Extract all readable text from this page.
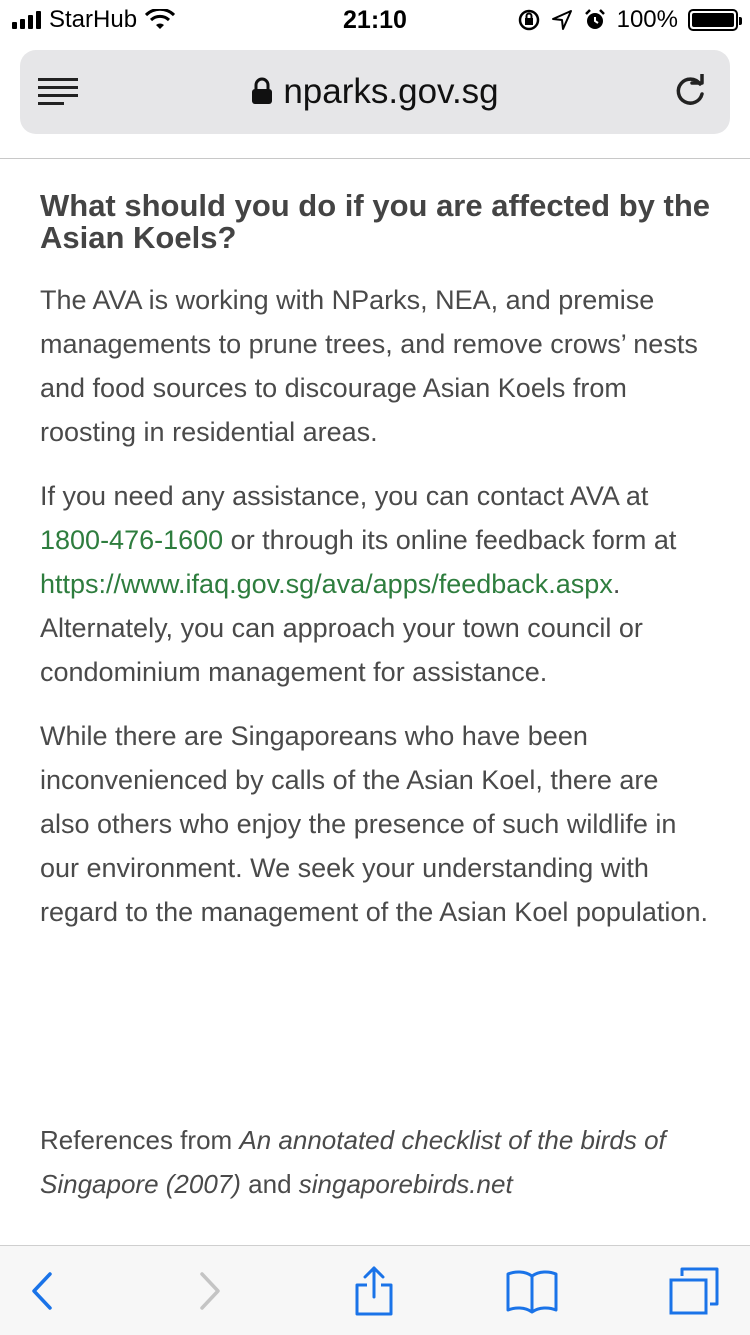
StarHub	21:10	100%
nparks.gov.sg
What should you do if you are affected by the Asian Koels?

The AVA is working with NParks, NEA, and premise managements to prune trees, and remove crows’ nests and food sources to discourage Asian Koels from roosting in residential areas.

If you need any assistance, you can contact AVA at 1800-476-1600 or through its online feedback form at https://www.ifaq.gov.sg/ava/apps/feedback.aspx. Alternately, you can approach your town council or condominium management for assistance.

While there are Singaporeans who have been inconvenienced by calls of the Asian Koel, there are also others who enjoy the presence of such wildlife in our environment. We seek your understanding with regard to the management of the Asian Koel population.

References from An annotated checklist of the birds of Singapore (2007) and singaporebirds.net
